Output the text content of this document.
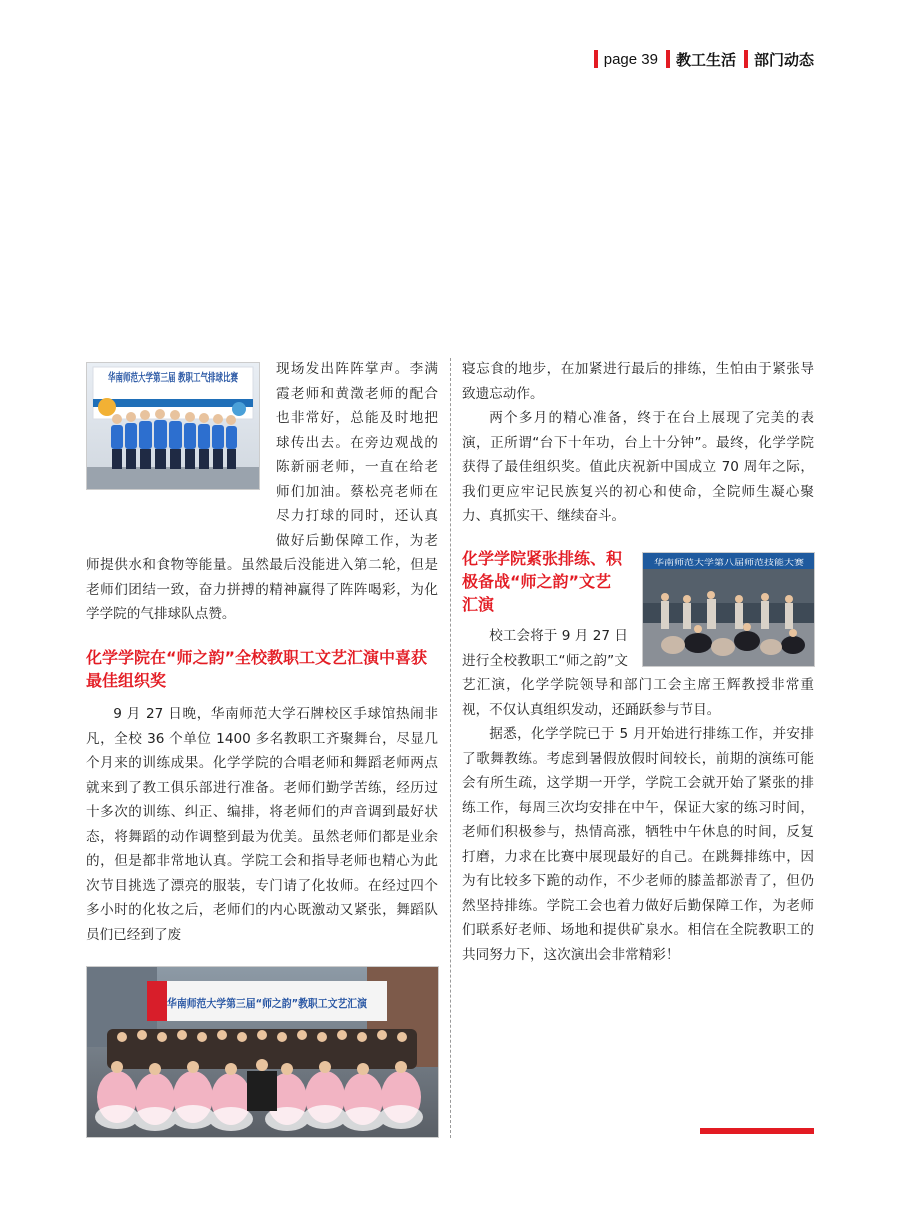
page 39 教工生活 部门动态
华南师范大学第三届 教职工气排球比赛

现场发出阵阵掌声。李满霞老师和黄澂老师的配合也非常好，总能及时地把球传出去。在旁边观战的陈新丽老师，一直在给老师们加油。蔡松亮老师在尽力打球的同时，还认真做好后勤保障工作，为老师提供水和食物等能量。虽然最后没能进入第二轮，但是老师们团结一致，奋力拼搏的精神赢得了阵阵喝彩，为化学学院的气排球队点赞。

化学学院在“师之韵”全校教职工文艺汇演中喜获最佳组织奖

9 月 27 日晚，华南师范大学石牌校区手球馆热闹非凡，全校 36 个单位 1400 多名教职工齐聚舞台，尽显几个月来的训练成果。化学学院的合唱老师和舞蹈老师两点就来到了教工俱乐部进行准备。老师们勤学苦练，经历过十多次的训练、纠正、编排，将老师们的声音调到最好状态，将舞蹈的动作调整到最为优美。虽然老师们都是业余的，但是都非常地认真。学院工会和指导老师也精心为此次节目挑选了漂亮的服装，专门请了化妆师。在经过四个多小时的化妆之后，老师们的内心既激动又紧张，舞蹈队员们已经到了废

华南师范大学第三届“师之韵”教职工文艺汇演

寝忘食的地步，在加紧进行最后的排练，生怕由于紧张导致遗忘动作。

两个多月的精心准备，终于在台上展现了完美的表演，正所谓“台下十年功，台上十分钟”。最终，化学学院获得了最佳组织奖。值此庆祝新中国成立 70 周年之际，我们更应牢记民族复兴的初心和使命，全院师生凝心聚力、真抓实干、继续奋斗。

华南师范大学第八届师范技能大赛
化学学院紧张排练、积极备战“师之韵”文艺汇演

校工会将于 9 月 27 日进行全校教职工“师之韵”文艺汇演，化学学院领导和部门工会主席王辉教授非常重视，不仅认真组织发动，还踊跃参与节目。

据悉，化学学院已于 5 月开始进行排练工作，并安排了歌舞教练。考虑到暑假放假时间较长，前期的演练可能会有所生疏，这学期一开学，学院工会就开始了紧张的排练工作，每周三次均安排在中午，保证大家的练习时间，老师们积极参与，热情高涨，牺牲中午休息的时间，反复打磨，力求在比赛中展现最好的自己。在跳舞排练中，因为有比较多下跪的动作，不少老师的膝盖都淤青了，但仍然坚持排练。学院工会也着力做好后勤保障工作，为老师们联系好老师、场地和提供矿泉水。相信在全院教职工的共同努力下，这次演出会非常精彩！
